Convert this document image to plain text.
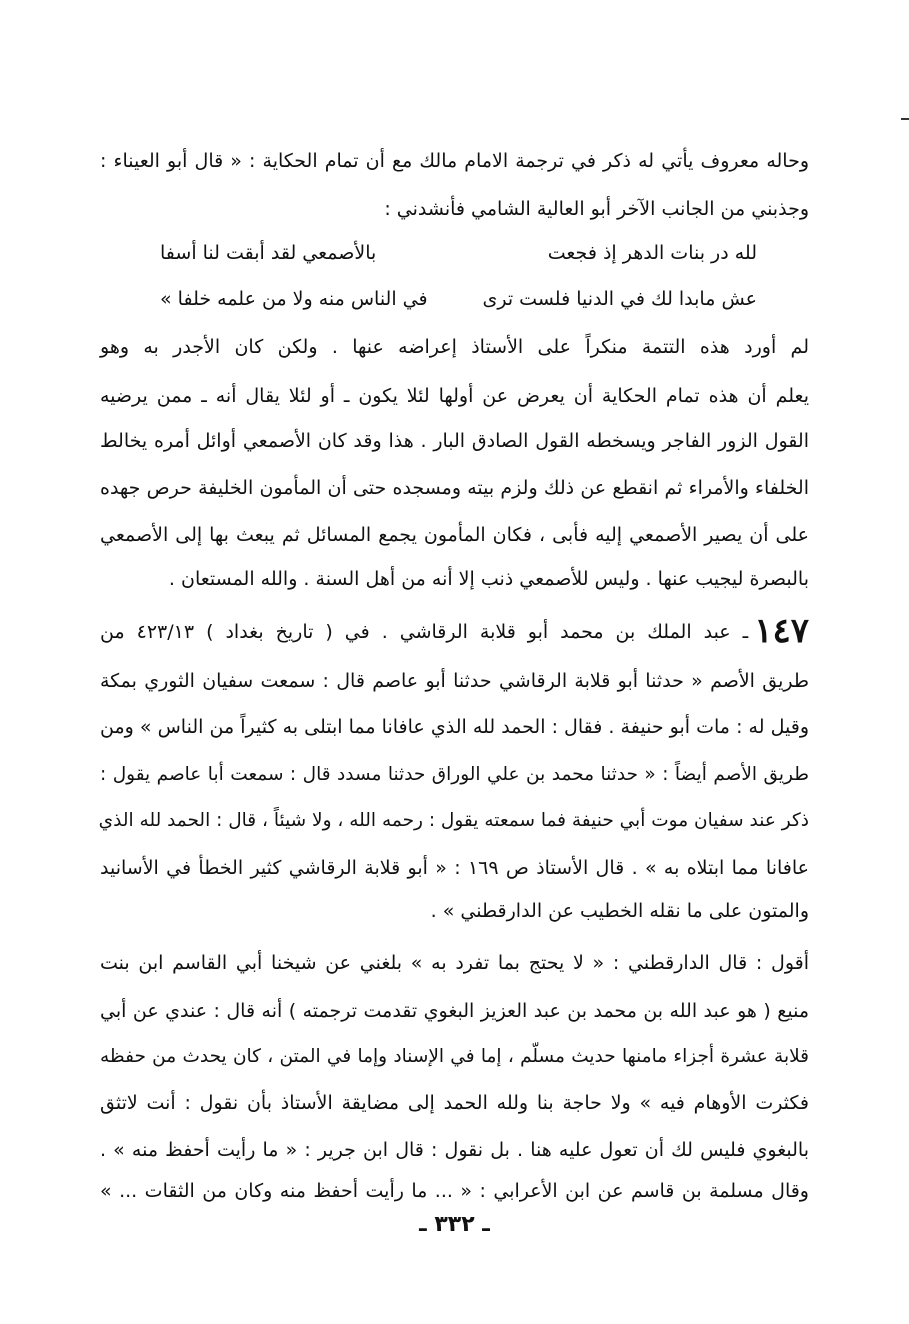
وحاله معروف يأتي له ذكر في ترجمة الامام مالك مع أن تمام الحكاية : « قال أبو العيناء :
وجذبني من الجانب الآخر أبو العالية الشامي فأنشدني :
لله در بنات الدهر إذ فجعت
بالأصمعي لقد أبقت لنا أسفا
عش مابدا لك في الدنيا فلست ترى
في الناس منه ولا من علمه خلفا »
لم أورد هذه التتمة منكراً على الأستاذ إعراضه عنها . ولكن كان الأجدر به وهو
يعلم أن هذه تمام الحكاية أن يعرض عن أولها لئلا يكون ـ أو لئلا يقال أنه ـ ممن يرضيه
القول الزور الفاجر ويسخطه القول الصادق البار . هذا وقد كان الأصمعي أوائل أمره يخالط
الخلفاء والأمراء ثم انقطع عن ذلك ولزم بيته ومسجده حتى أن المأمون الخليفة حرص جهده
على أن يصير الأصمعي إليه فأبى ، فكان المأمون يجمع المسائل ثم يبعث بها إلى الأصمعي
بالبصرة ليجيب عنها . وليس للأصمعي ذنب إلا أنه من أهل السنة . والله المستعان .
١٤٧ـ عبد الملك بن محمد أبو قلابة الرقاشي . في ( تاريخ بغداد ) ٤٢٣/١٣ من
طريق الأصم « حدثنا أبو قلابة الرقاشي حدثنا أبو عاصم قال : سمعت سفيان الثوري بمكة
وقيل له : مات أبو حنيفة . فقال : الحمد لله الذي عافانا مما ابتلى به كثيراً من الناس » ومن
طريق الأصم أيضاً : « حدثنا محمد بن علي الوراق حدثنا مسدد قال : سمعت أبا عاصم يقول :
ذكر عند سفيان موت أبي حنيفة فما سمعته يقول : رحمه الله ، ولا شيئاً ، قال : الحمد لله الذي
عافانا مما ابتلاه به » . قال الأستاذ ص ١٦٩ : « أبو قلابة الرقاشي كثير الخطأ في الأسانيد
والمتون على ما نقله الخطيب عن الدارقطني » .
أقول : قال الدارقطني : « لا يحتج بما تفرد به » بلغني عن شيخنا أبي القاسم ابن بنت
منيع ( هو عبد الله بن محمد بن عبد العزيز البغوي تقدمت ترجمته ) أنه قال : عندي عن أبي
قلابة عشرة أجزاء مامنها حديث مسلّم ، إما في الإسناد وإما في المتن ، كان يحدث من حفظه
فكثرت الأوهام فيه » ولا حاجة بنا ولله الحمد إلى مضايقة الأستاذ بأن نقول : أنت لاتثق
بالبغوي فليس لك أن تعول عليه هنا . بل نقول : قال ابن جرير : « ما رأيت أحفظ منه » .
وقال مسلمة بن قاسم عن ابن الأعرابي : « ... ما رأيت أحفظ منه وكان من الثقات ... »
ـ ٣٣٢ ـ
